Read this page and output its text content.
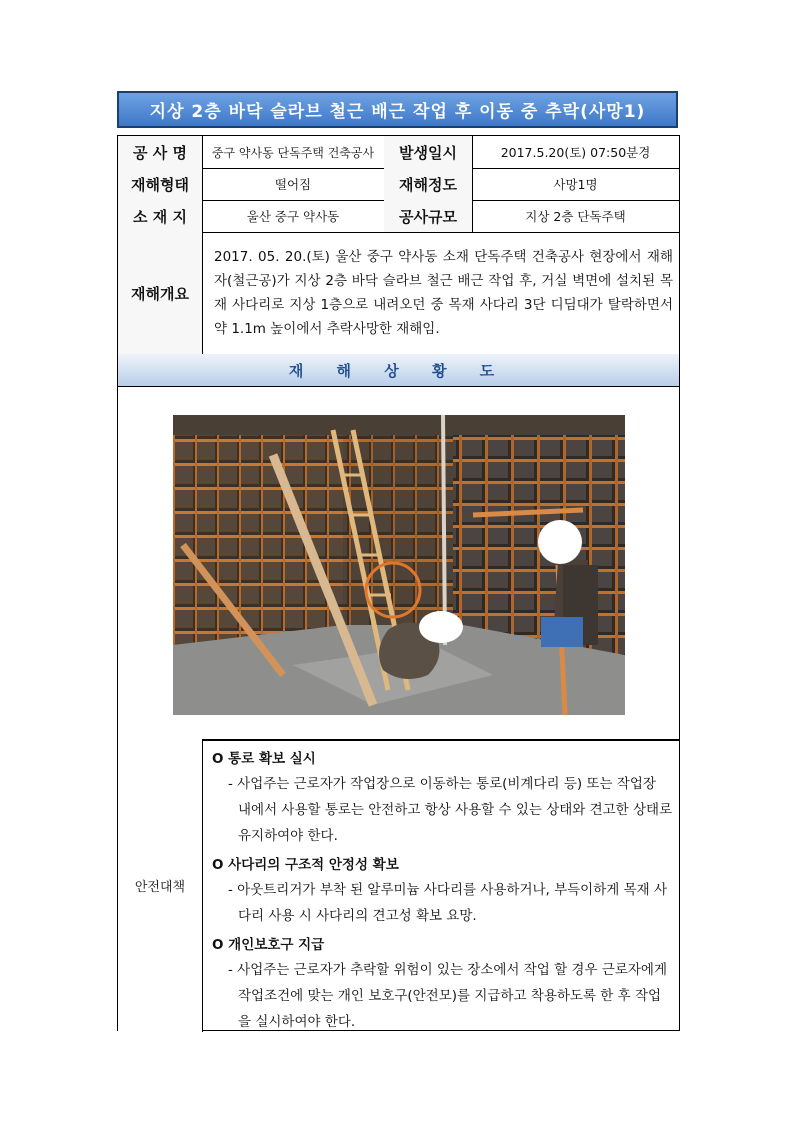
지상 2층 바닥 슬라브 철근 배근 작업 후 이동 중 추락(사망1)
공 사 명	중구 약사동 단독주택 건축공사	발생일시	2017.5.20(토) 07:50분경
재해형태	떨어짐	재해정도	사망1명
소 재 지	울산 중구 약사동	공사규모	지상 2층 단독주택
재해개요
2017. 05. 20.(토) 울산 중구 약사동 소재 단독주택 건축공사 현장에서 재해자(철근공)가 지상 2층 바닥 슬라브 철근 배근 작업 후, 거실 벽면에 설치된 목재 사다리로 지상 1층으로 내려오던 중 목재 사다리 3단 디딤대가 탈락하면서 약 1.1m 높이에서 추락사망한 재해임.
재 해 상 황 도
안전대책
O 통로 확보 실시
- 사업주는 근로자가 작업장으로 이동하는 통로(비계다리 등) 또는 작업장 내에서 사용할 통로는 안전하고 항상 사용할 수 있는 상태와 견고한 상태로 유지하여야 한다.
O 사다리의 구조적 안정성 확보
- 아웃트리거가 부착 된 알루미늄 사다리를 사용하거나, 부득이하게 목재 사다리 사용 시 사다리의 견고성 확보 요망.
O 개인보호구 지급
- 사업주는 근로자가 추락할 위험이 있는 장소에서 작업 할 경우 근로자에게 작업조건에 맞는 개인 보호구(안전모)를 지급하고 착용하도록 한 후 작업을 실시하여야 한다.
